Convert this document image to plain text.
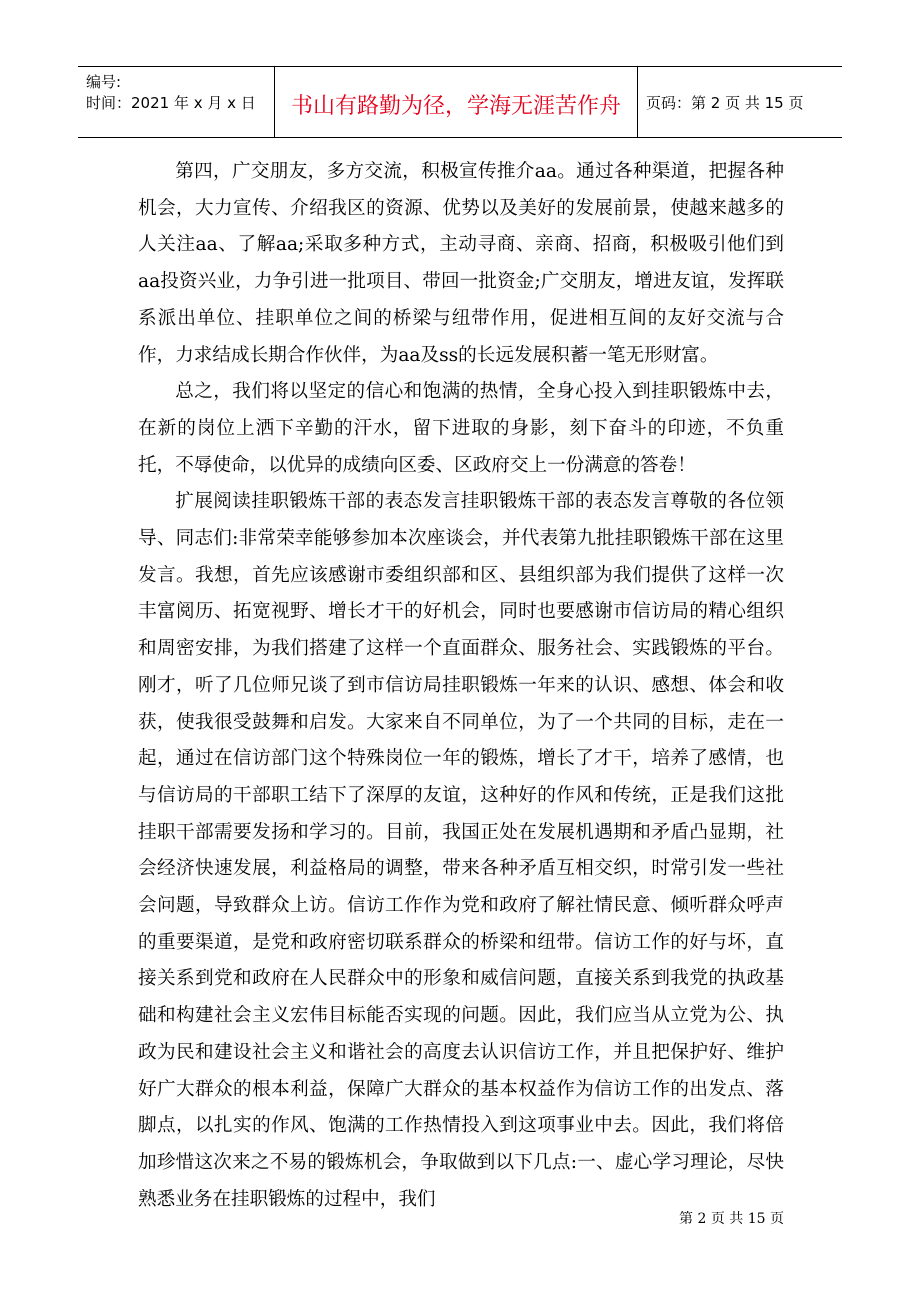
编号:
时间：2021 年 x 月 x 日	书山有路勤为径，学海无涯苦作舟	页码：第 2 页 共 15 页

第四，广交朋友，多方交流，积极宣传推介aa。通过各种渠道，把握各种机会，大力宣传、介绍我区的资源、优势以及美好的发展前景，使越来越多的人关注aa、了解aa;采取多种方式，主动寻商、亲商、招商，积极吸引他们到aa投资兴业，力争引进一批项目、带回一批资金;广交朋友，增进友谊，发挥联系派出单位、挂职单位之间的桥梁与纽带作用，促进相互间的友好交流与合作，力求结成长期合作伙伴，为aa及ss的长远发展积蓄一笔无形财富。

总之，我们将以坚定的信心和饱满的热情，全身心投入到挂职锻炼中去，在新的岗位上洒下辛勤的汗水，留下进取的身影，刻下奋斗的印迹，不负重托，不辱使命，以优异的成绩向区委、区政府交上一份满意的答卷！

扩展阅读挂职锻炼干部的表态发言挂职锻炼干部的表态发言尊敬的各位领导、同志们:非常荣幸能够参加本次座谈会，并代表第九批挂职锻炼干部在这里发言。我想，首先应该感谢市委组织部和区、县组织部为我们提供了这样一次丰富阅历、拓宽视野、增长才干的好机会，同时也要感谢市信访局的精心组织和周密安排，为我们搭建了这样一个直面群众、服务社会、实践锻炼的平台。刚才，听了几位师兄谈了到市信访局挂职锻炼一年来的认识、感想、体会和收获，使我很受鼓舞和启发。大家来自不同单位，为了一个共同的目标，走在一起，通过在信访部门这个特殊岗位一年的锻炼，增长了才干，培养了感情，也与信访局的干部职工结下了深厚的友谊，这种好的作风和传统，正是我们这批挂职干部需要发扬和学习的。目前，我国正处在发展机遇期和矛盾凸显期，社会经济快速发展，利益格局的调整，带来各种矛盾互相交织，时常引发一些社会问题，导致群众上访。信访工作作为党和政府了解社情民意、倾听群众呼声的重要渠道，是党和政府密切联系群众的桥梁和纽带。信访工作的好与坏，直接关系到党和政府在人民群众中的形象和威信问题，直接关系到我党的执政基础和构建社会主义宏伟目标能否实现的问题。因此，我们应当从立党为公、执政为民和建设社会主义和谐社会的高度去认识信访工作，并且把保护好、维护好广大群众的根本利益，保障广大群众的基本权益作为信访工作的出发点、落脚点，以扎实的作风、饱满的工作热情投入到这项事业中去。因此，我们将倍加珍惜这次来之不易的锻炼机会，争取做到以下几点:一、虚心学习理论，尽快熟悉业务在挂职锻炼的过程中，我们

第 2 页 共 15 页
